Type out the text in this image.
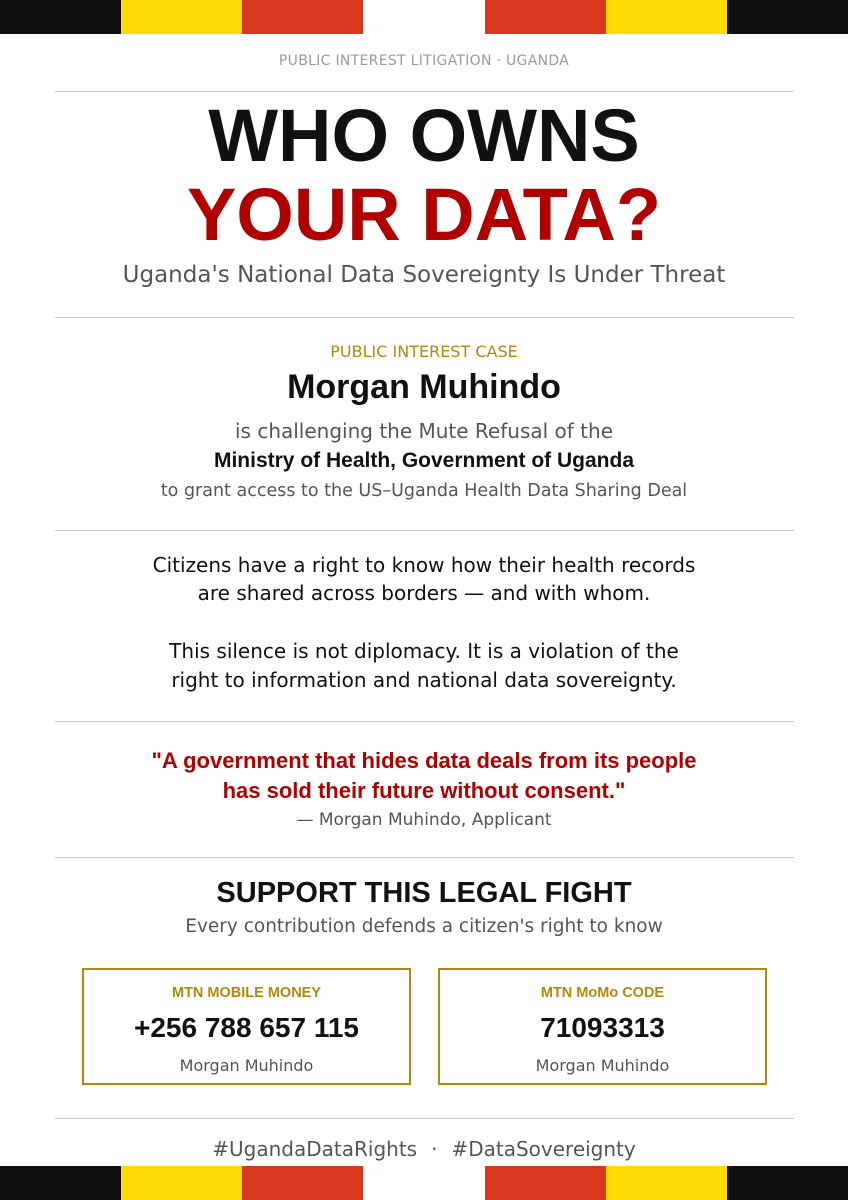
PUBLIC INTEREST LITIGATION · UGANDA
WHO OWNS
YOUR DATA?
Uganda's National Data Sovereignty Is Under Threat
PUBLIC INTEREST CASE
Morgan Muhindo
is challenging the Mute Refusal of the
Ministry of Health, Government of Uganda
to grant access to the US–Uganda Health Data Sharing Deal
Citizens have a right to know how their health records
are shared across borders — and with whom.
This silence is not diplomacy. It is a violation of the
right to information and national data sovereignty.
"A government that hides data deals from its people
has sold their future without consent."
— Morgan Muhindo, Applicant
SUPPORT THIS LEGAL FIGHT
Every contribution defends a citizen's right to know
MTN MOBILE MONEY
+256 788 657 115
Morgan Muhindo
MTN MoMo CODE
71093313
Morgan Muhindo
#UgandaDataRights · #DataSovereignty
